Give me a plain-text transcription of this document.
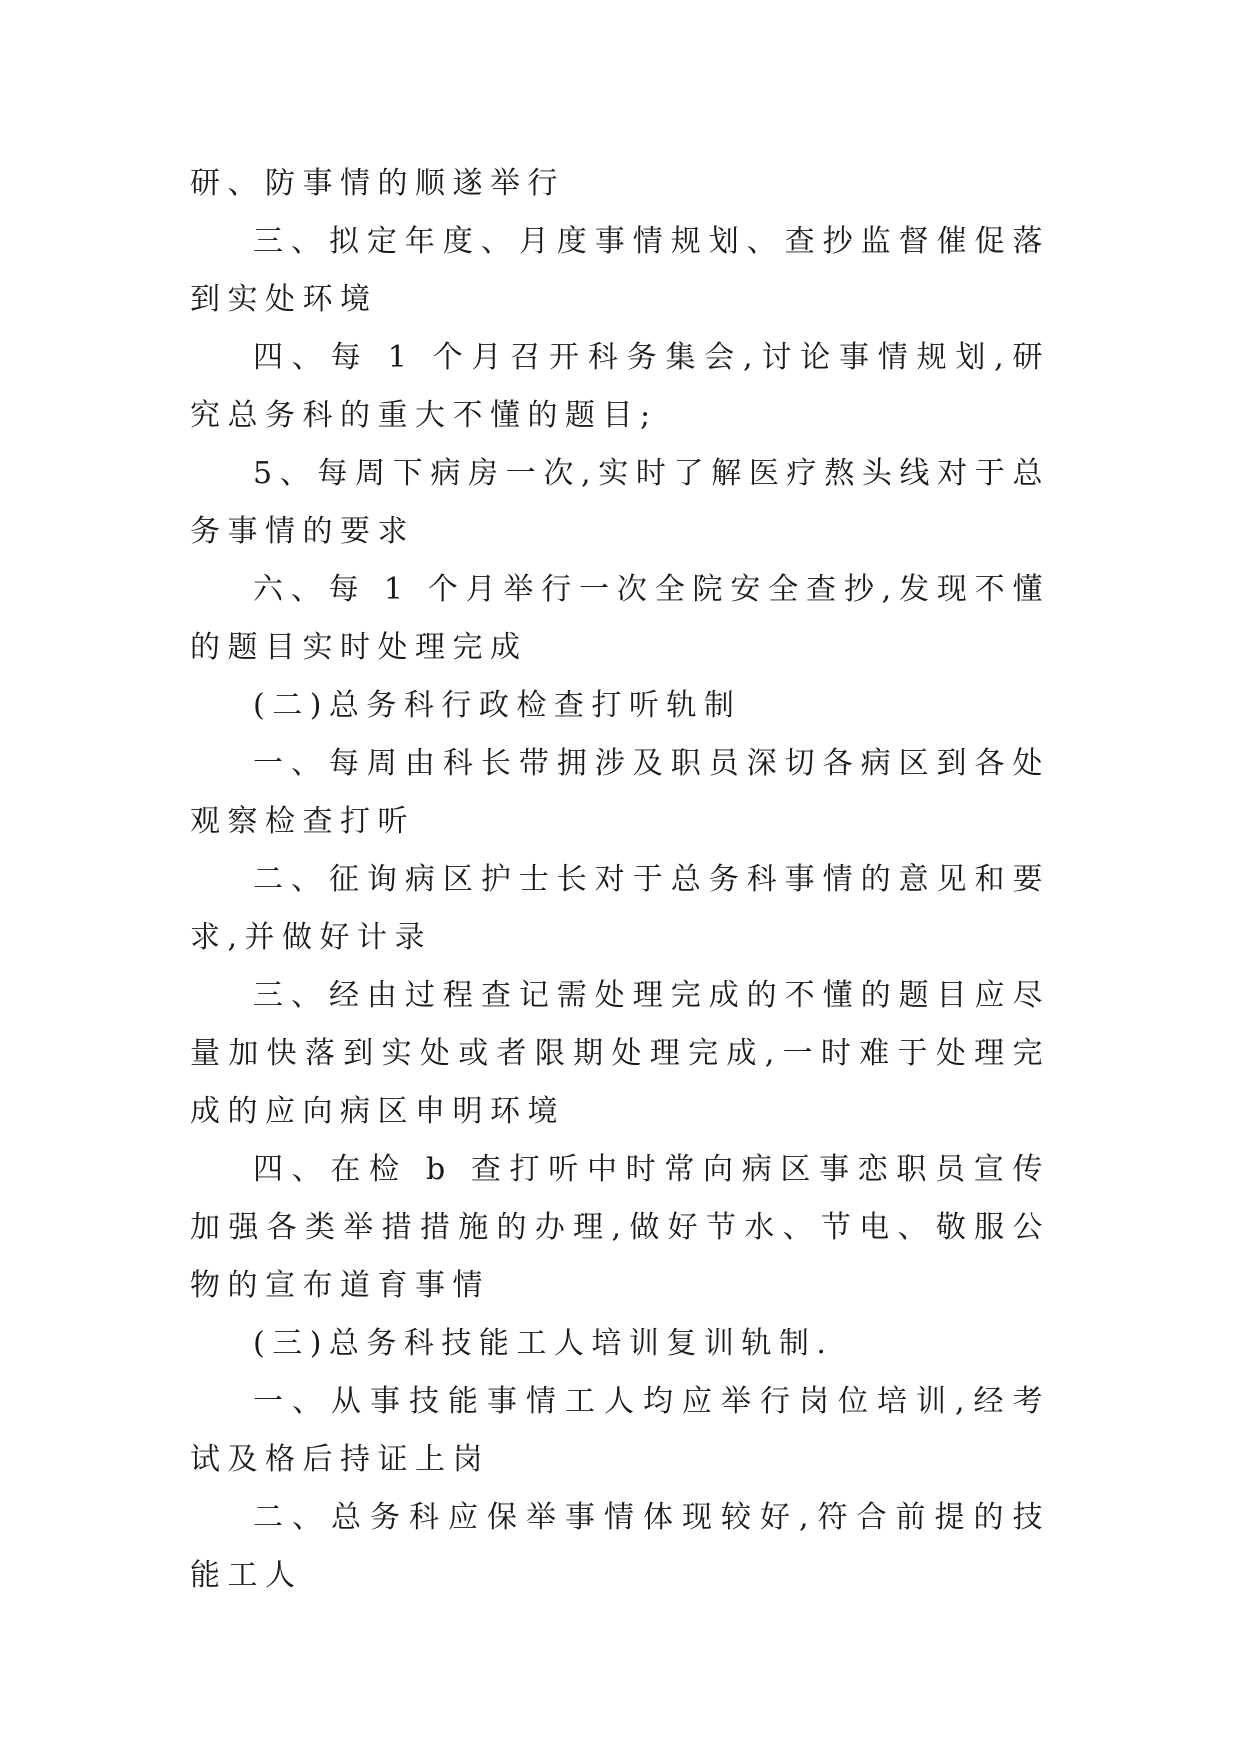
研、防事情的顺遂举行

三、拟定年度、月度事情规划、查抄监督催促落到实处环境

四、每 1 个月召开科务集会,讨论事情规划,研究总务科的重大不懂的题目;

5、每周下病房一次,实时了解医疗熬头线对于总务事情的要求

六、每 1 个月举行一次全院安全查抄,发现不懂的题目实时处理完成

(二)总务科行政检查打听轨制

一、每周由科长带拥涉及职员深切各病区到各处观察检查打听

二、征询病区护士长对于总务科事情的意见和要求,并做好计录

三、经由过程查记需处理完成的不懂的题目应尽量加快落到实处或者限期处理完成,一时难于处理完成的应向病区申明环境

四、在检 b 查打听中时常向病区事恋职员宣传加强各类举措措施的办理,做好节水、节电、敬服公物的宣布道育事情

(三)总务科技能工人培训复训轨制.

一、从事技能事情工人均应举行岗位培训,经考试及格后持证上岗

二、总务科应保举事情体现较好,符合前提的技能工人
